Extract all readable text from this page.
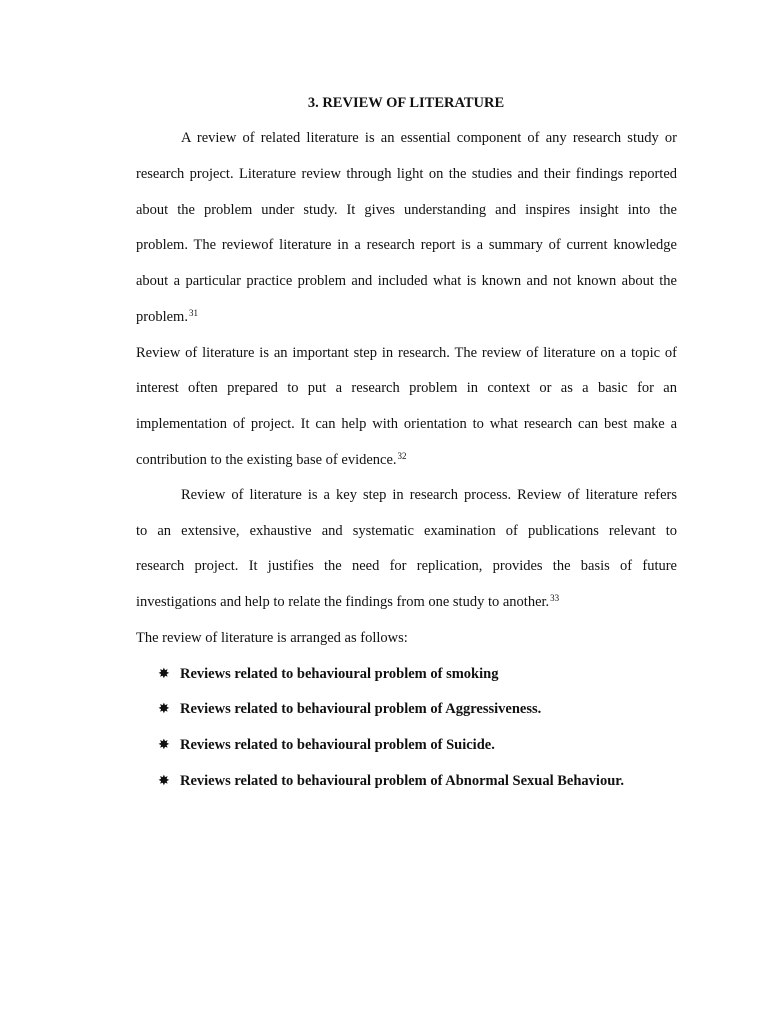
3. REVIEW OF LITERATURE
A review of related literature is an essential component of any research study or
research project. Literature review through light on the studies and their findings reported
about the problem under study. It gives understanding and inspires insight into the
problem. The reviewof literature in a research report is a summary of current knowledge
about a particular practice problem and included what is known and not known about the
problem.$^{31}$
Review of literature is an important step in research. The review of literature on a topic of
interest often prepared to put a research problem in context or as a basic for an
implementation of project. It can help with orientation to what research can best make a
contribution to the existing base of evidence.$^{32}$
Review of literature is a key step in research process. Review of literature refers
to an extensive, exhaustive and systematic examination of publications relevant to
research project. It justifies the need for replication, provides the basis of future
investigations and help to relate the findings from one study to another.$^{33}$
The review of literature is arranged as follows:
✸ Reviews related to behavioural problem of smoking
✸ Reviews related to behavioural problem of Aggressiveness.
✸ Reviews related to behavioural problem of Suicide.
✸ Reviews related to behavioural problem of Abnormal Sexual Behaviour.
